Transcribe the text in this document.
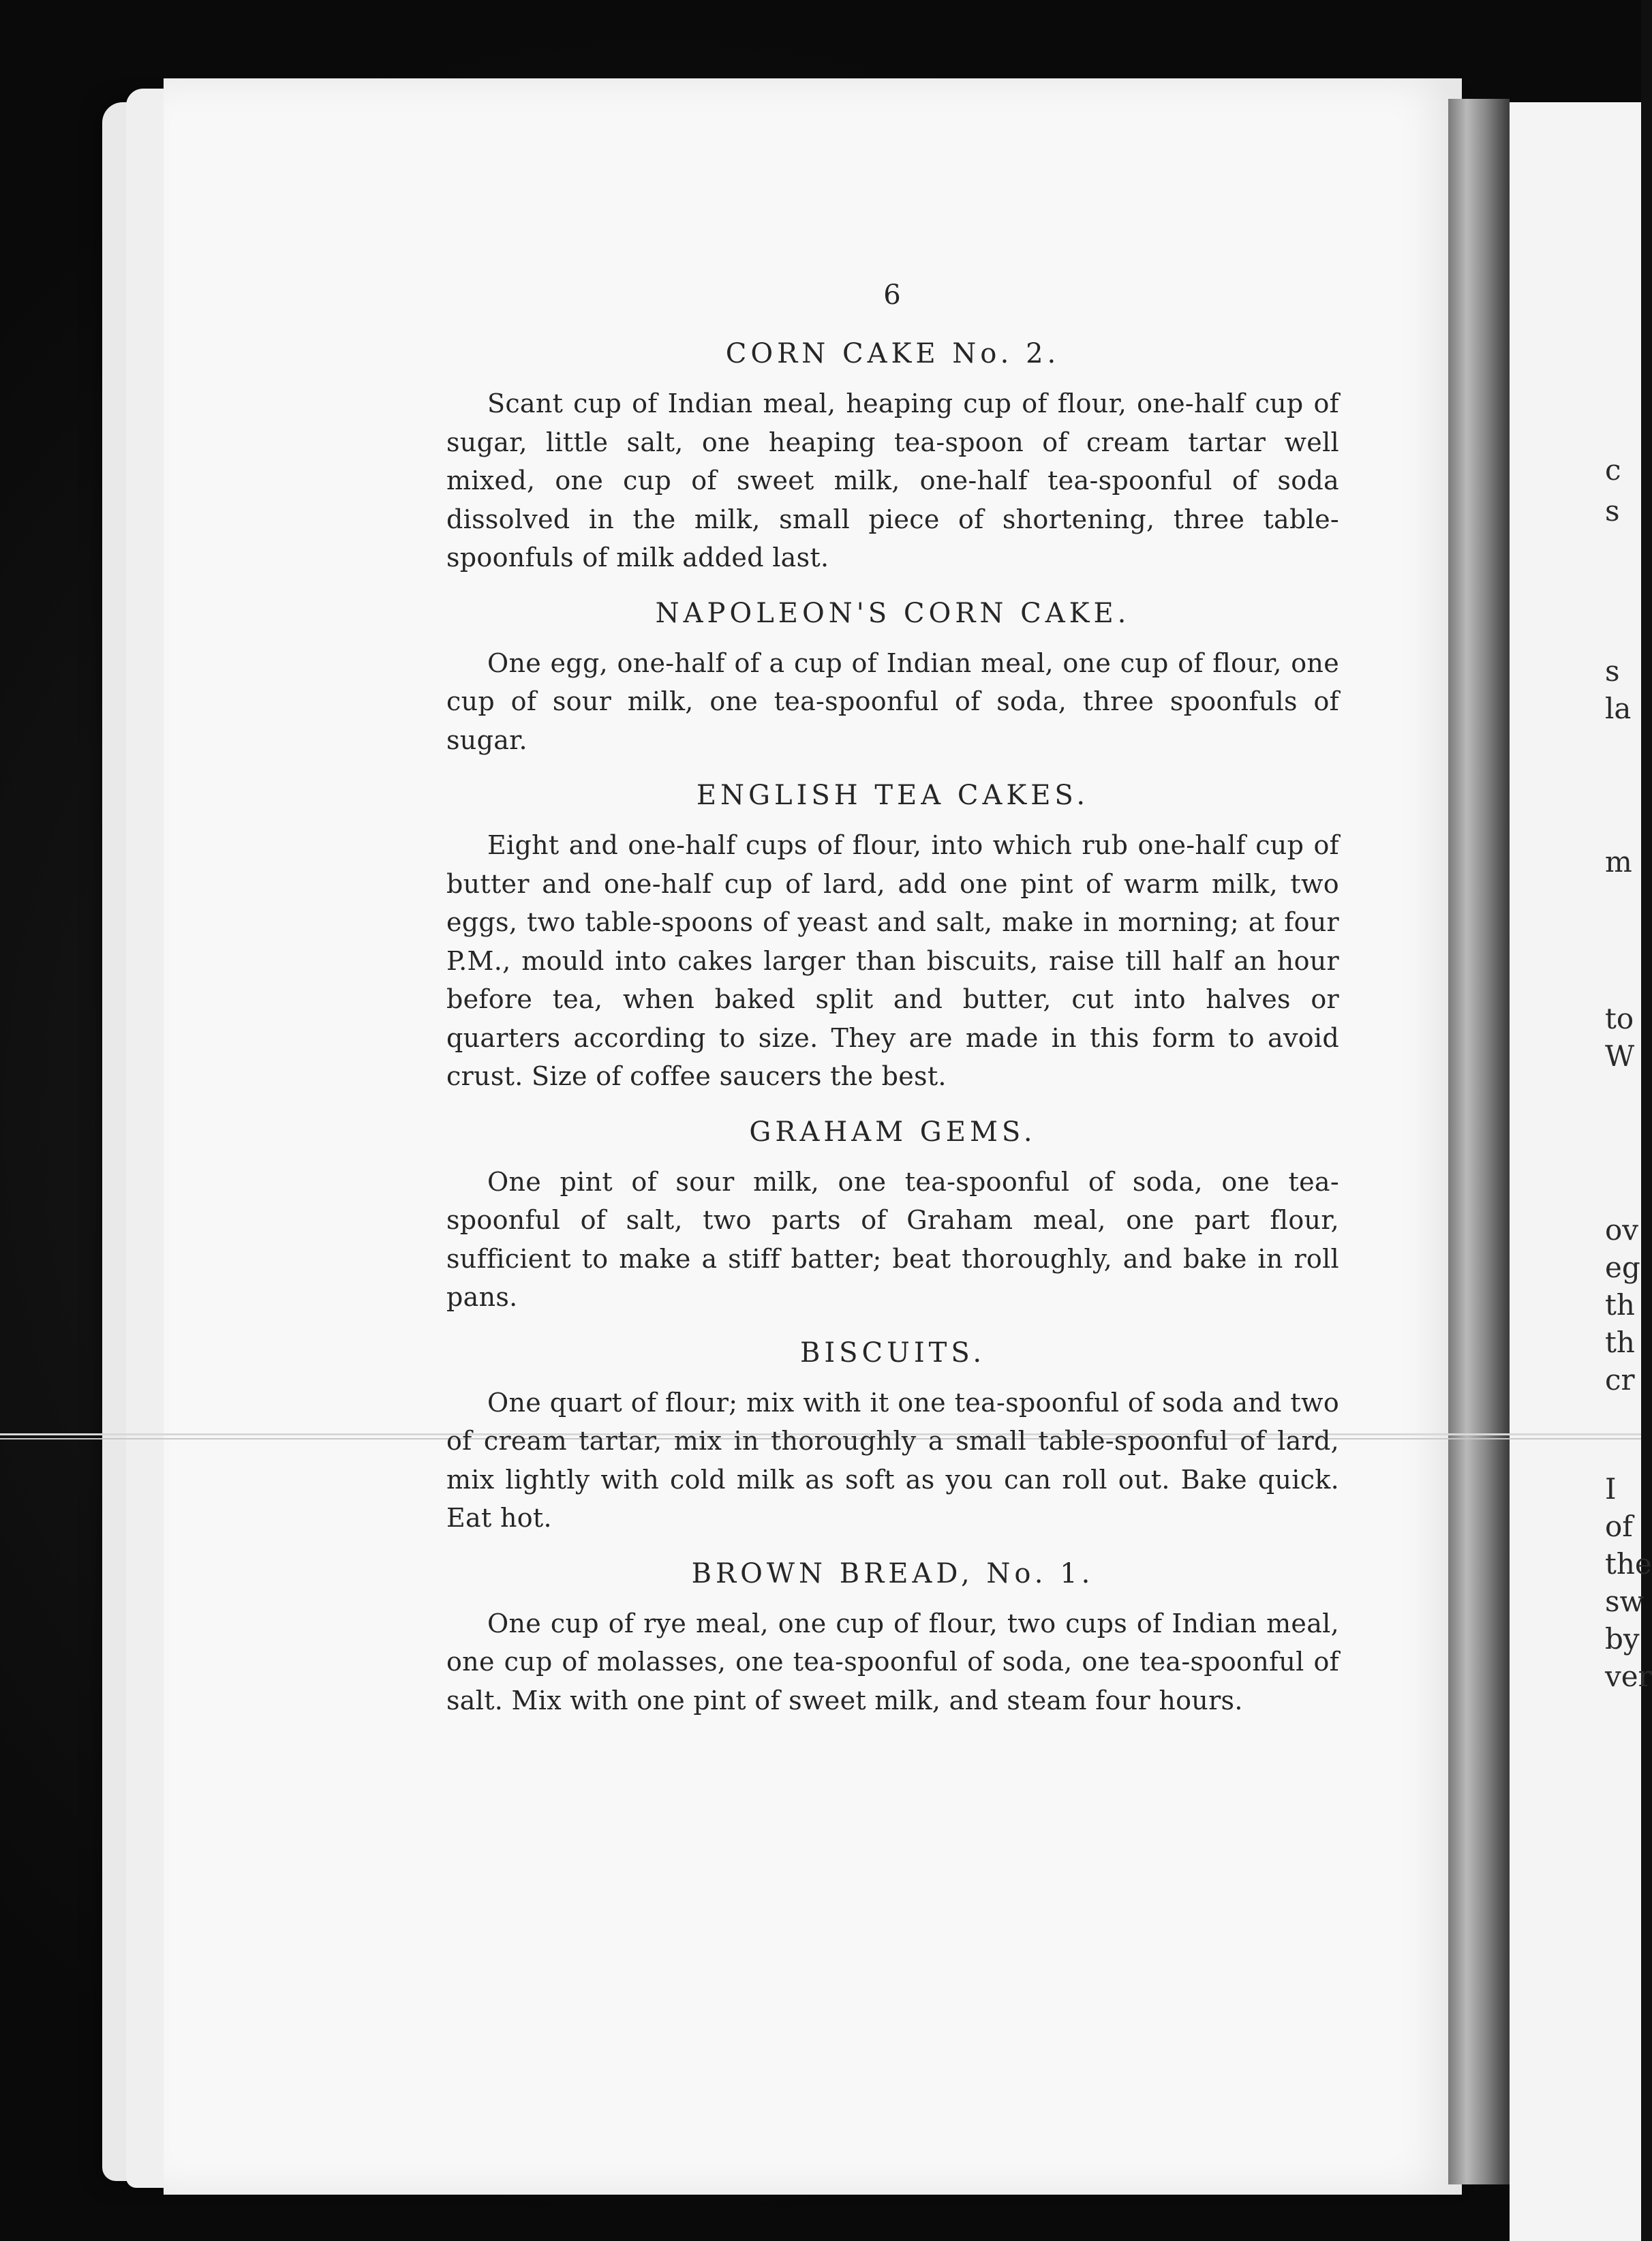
c
s
s
la
m
to
W
ov
eg
th
th
cr
I
of
the
sw
by
ver
6
CORN CAKE No. 2.

Scant cup of Indian meal, heaping cup of flour, one-half cup of sugar, little salt, one heaping tea-spoon of cream tartar well mixed, one cup of sweet milk, one-half tea-spoonful of soda dissolved in the milk, small piece of shortening, three table-spoonfuls of milk added last.

NAPOLEON'S CORN CAKE.

One egg, one-half of a cup of Indian meal, one cup of flour, one cup of sour milk, one tea-spoonful of soda, three spoonfuls of sugar.

ENGLISH TEA CAKES.

Eight and one-half cups of flour, into which rub one-half cup of butter and one-half cup of lard, add one pint of warm milk, two eggs, two table-spoons of yeast and salt, make in morning; at four P.M., mould into cakes larger than biscuits, raise till half an hour before tea, when baked split and butter, cut into halves or quarters according to size. They are made in this form to avoid crust. Size of coffee saucers the best.

GRAHAM GEMS.

One pint of sour milk, one tea-spoonful of soda, one tea-spoonful of salt, two parts of Graham meal, one part flour, sufficient to make a stiff batter; beat thoroughly, and bake in roll pans.

BISCUITS.

One quart of flour; mix with it one tea-spoonful of soda and two of cream tartar, mix in thoroughly a small table-spoonful of lard, mix lightly with cold milk as soft as you can roll out. Bake quick. Eat hot.

BROWN BREAD, No. 1.

One cup of rye meal, one cup of flour, two cups of Indian meal, one cup of molasses, one tea-spoonful of soda, one tea-spoonful of salt. Mix with one pint of sweet milk, and steam four hours.
